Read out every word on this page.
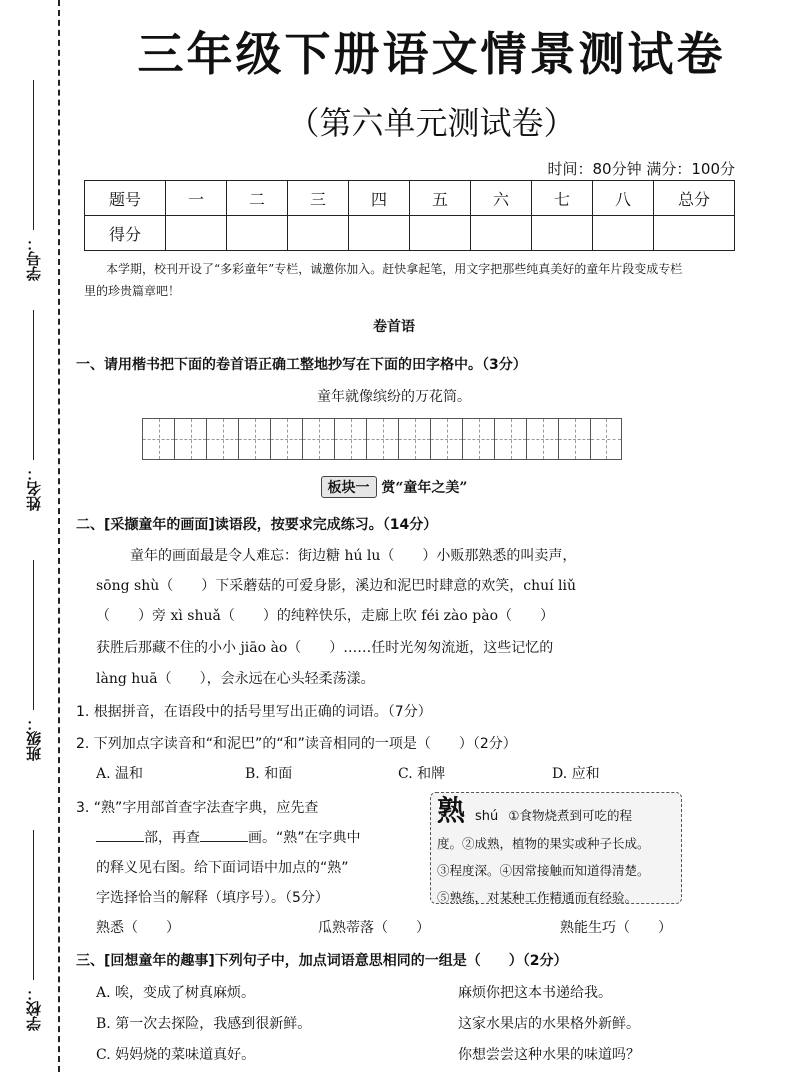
学号：
姓名：
班级：
学校：
三年级下册语文情景测试卷
（第六单元测试卷）
时间：80分钟 满分：100分
题号	一	二	三	四	五	六	七	八	总分
得分									
本学期，校刊开设了“多彩童年”专栏，诚邀你加入。赶快拿起笔，用文字把那些纯真美好的童年片段变成专栏里的珍贵篇章吧！
卷首语
一、请用楷书把下面的卷首语正确工整地抄写在下面的田字格中。（3分）
童年就像缤纷的万花筒。
板块一 赏“童年之美”
二、[采撷童年的画面]读语段，按要求完成练习。（14分）
童年的画面最是令人难忘：街边糖 hú lu（　　）小贩那熟悉的叫卖声，
sōng shù（　　）下采蘑菇的可爱身影，溪边和泥巴时肆意的欢笑，chuí liǔ
（　　）旁 xì shuǎ（　　）的纯粹快乐，走廊上吹 féi zào pào（　　）
获胜后那藏不住的小小 jiāo ào（　　）……任时光匆匆流逝，这些记忆的
làng huā（　　），会永远在心头轻柔荡漾。
1. 根据拼音，在语段中的括号里写出正确的词语。（7分）
2. 下列加点字读音和“和泥巴”的“和”读音相同的一项是（　　）（2分）
A. 温和	B. 和面	C. 和牌	D. 应和
3. “熟”字用部首查字法查字典，应先查
部，再查	画。“熟”在字典中
的释义见右图。给下面词语中加点的“熟”
字选择恰当的解释（填序号）。（5分）
熟 shú ①食物烧煮到可吃的程
度。②成熟，植物的果实或种子长成。
③程度深。④因常接触而知道得清楚。
⑤熟练，对某种工作精通而有经验。
熟悉（　　）	瓜熟蒂落（　　）	熟能生巧（　　）
三、[回想童年的趣事]下列句子中，加点词语意思相同的一组是（　　）（2分）
A. 唉，变成了树真麻烦。	麻烦你把这本书递给我。
B. 第一次去探险，我感到很新鲜。	这家水果店的水果格外新鲜。
C. 妈妈烧的菜味道真好。	你想尝尝这种水果的味道吗？
